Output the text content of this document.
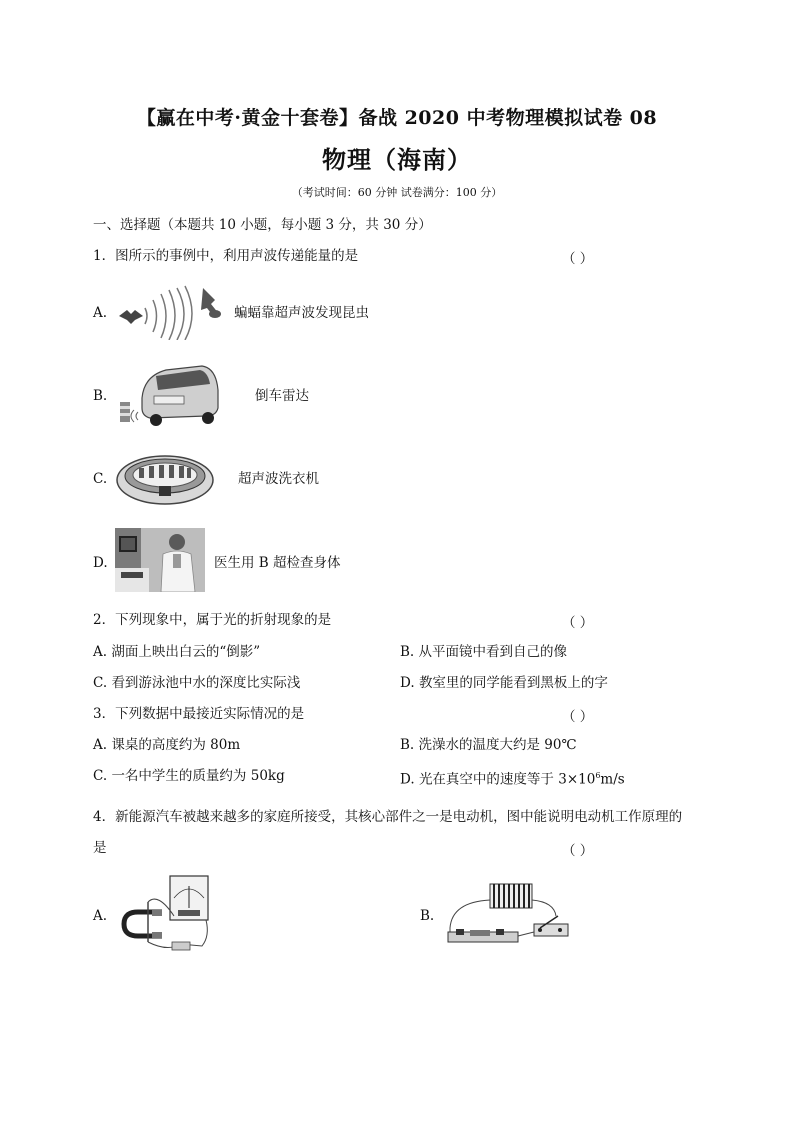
【赢在中考·黄金十套卷】备战 2020 中考物理模拟试卷 08
物理（海南）
（考试时间：60 分钟 试卷满分：100 分）
一、选择题（本题共 10 小题，每小题 3 分，共 30 分）
1．图所示的事例中，利用声波传递能量的是	（ ）
A.	蝙蝠靠超声波发现昆虫
B.	倒车雷达
C.	超声波洗衣机
D.	医生用 B 超检查身体
2．下列现象中，属于光的折射现象的是	（ ）
A. 湖面上映出白云的“倒影”	B. 从平面镜中看到自己的像
C. 看到游泳池中水的深度比实际浅	D. 教室里的同学能看到黑板上的字
3．下列数据中最接近实际情况的是	（ ）
A. 课桌的高度约为 80m	B. 洗澡水的温度大约是 90℃
C. 一名中学生的质量约为 50kg	D. 光在真空中的速度等于 $3\times 10^6m/s$
4．新能源汽车被越来越多的家庭所接受，其核心部件之一是电动机，图中能说明电动机工作原理的
是	（ ）
A.	B.
